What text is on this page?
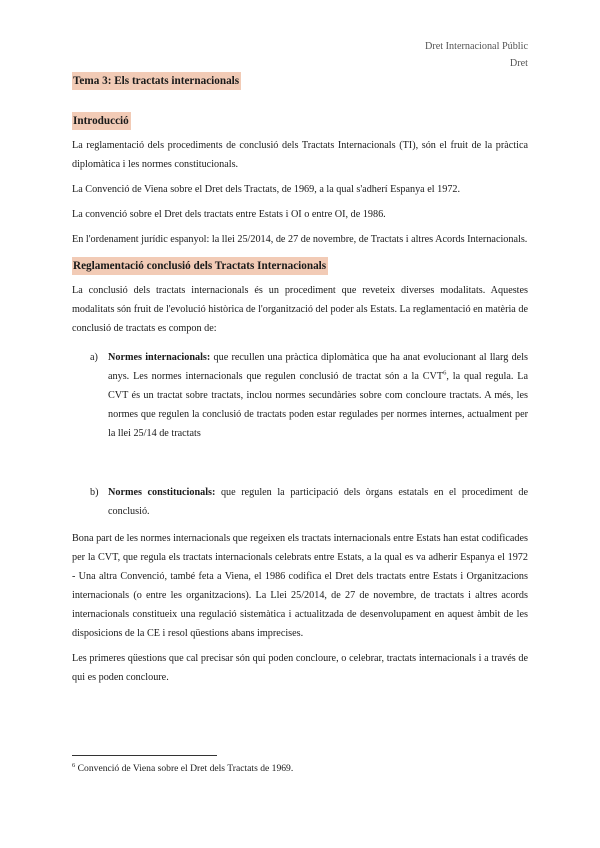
Dret Internacional Públic
Dret
Tema 3: Els tractats internacionals
Introducció

La reglamentació dels procediments de conclusió dels Tractats Internacionals (TI), són el fruit de la pràctica diplomàtica i les normes constitucionals.

La Convenció de Viena sobre el Dret dels Tractats, de 1969, a la qual s'adherí Espanya el 1972.

La convenció sobre el Dret dels tractats entre Estats i OI o entre OI, de 1986.

En l'ordenament jurídic espanyol: la llei 25/2014, de 27 de novembre, de Tractats i altres Acords Internacionals.

Reglamentació conclusió dels Tractats Internacionals

La conclusió dels tractats internacionals és un procediment que reveteix diverses modalitats. Aquestes modalitats són fruit de l'evolució històrica de l'organització del poder als Estats. La reglamentació en matèria de conclusió de tractats es compon de:

a) Normes internacionals: que recullen una pràctica diplomàtica que ha anat evolucionant al llarg dels anys. Les normes internacionals que regulen conclusió de tractat són a la CVT$^6$, la qual regula. La CVT és un tractat sobre tractats, inclou normes secundàries sobre com concloure tractats. A més, les normes que regulen la conclusió de tractats poden estar regulades per normes internes, actualment per la llei 25/14 de tractats
b) Normes constitucionals: que regulen la participació dels òrgans estatals en el procediment de conclusió.

Bona part de les normes internacionals que regeixen els tractats internacionals entre Estats han estat codificades per la CVT, que regula els tractats internacionals celebrats entre Estats, a la qual es va adherir Espanya el 1972 - Una altra Convenció, també feta a Viena, el 1986 codifica el Dret dels tractats entre Estats i Organitzacions internacionals (o entre les organitzacions). La Llei 25/2014, de 27 de novembre, de tractats i altres acords internacionals constitueix una regulació sistemàtica i actualitzada de desenvolupament en aquest àmbit de les disposicions de la CE i resol qüestions abans imprecises.

Les primeres qüestions que cal precisar són qui poden concloure, o celebrar, tractats internacionals i a través de qui es poden concloure.

$^6$ Convenció de Viena sobre el Dret dels Tractats de 1969.
